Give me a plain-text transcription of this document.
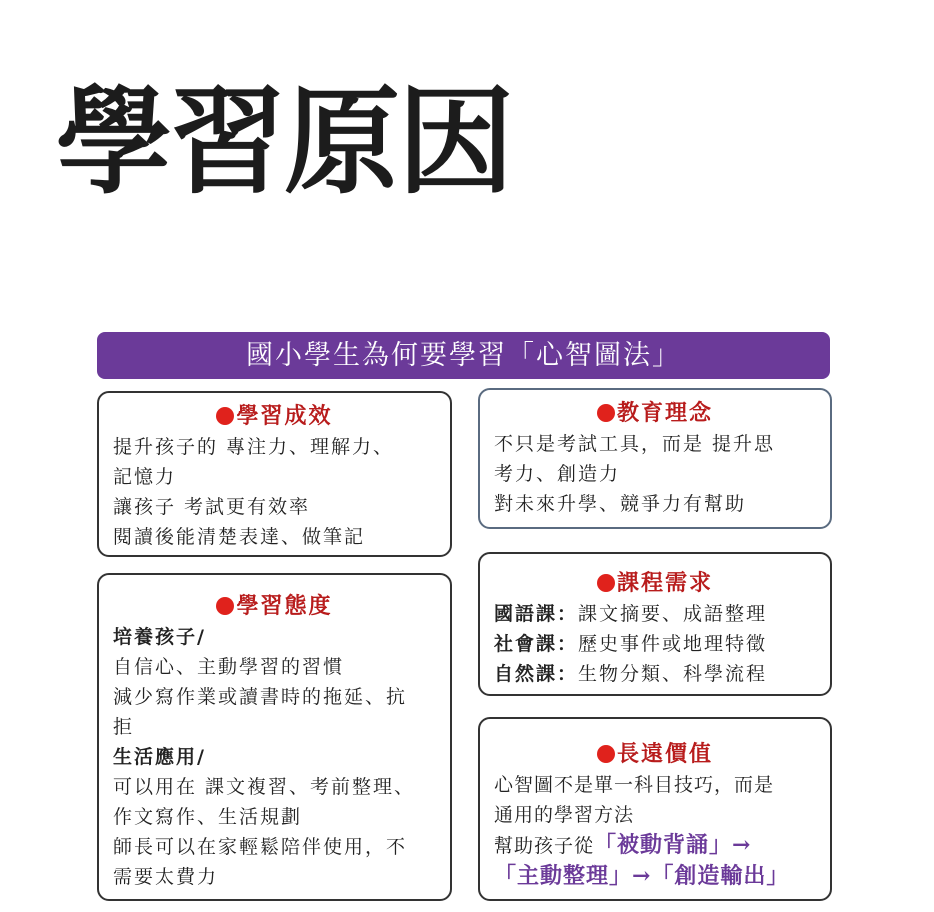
學習原因
國小學生為何要學習「心智圖法」
學習成效
提升孩子的 專注力、理解力、
記憶力
讓孩子 考試更有效率
閱讀後能清楚表達、做筆記
學習態度
培養孩子/
自信心、主動學習的習慣
減少寫作業或讀書時的拖延、抗
拒
生活應用/
可以用在 課文複習、考前整理、
作文寫作、生活規劃
師長可以在家輕鬆陪伴使用，不
需要太費力
教育理念
不只是考試工具，而是 提升思
考力、創造力
對未來升學、競爭力有幫助
課程需求
國語課：課文摘要、成語整理
社會課：歷史事件或地理特徵
自然課：生物分類、科學流程
長遠價值
心智圖不是單一科目技巧，而是
通用的學習方法
幫助孩子從「被動背誦」→
「主動整理」→「創造輸出」
